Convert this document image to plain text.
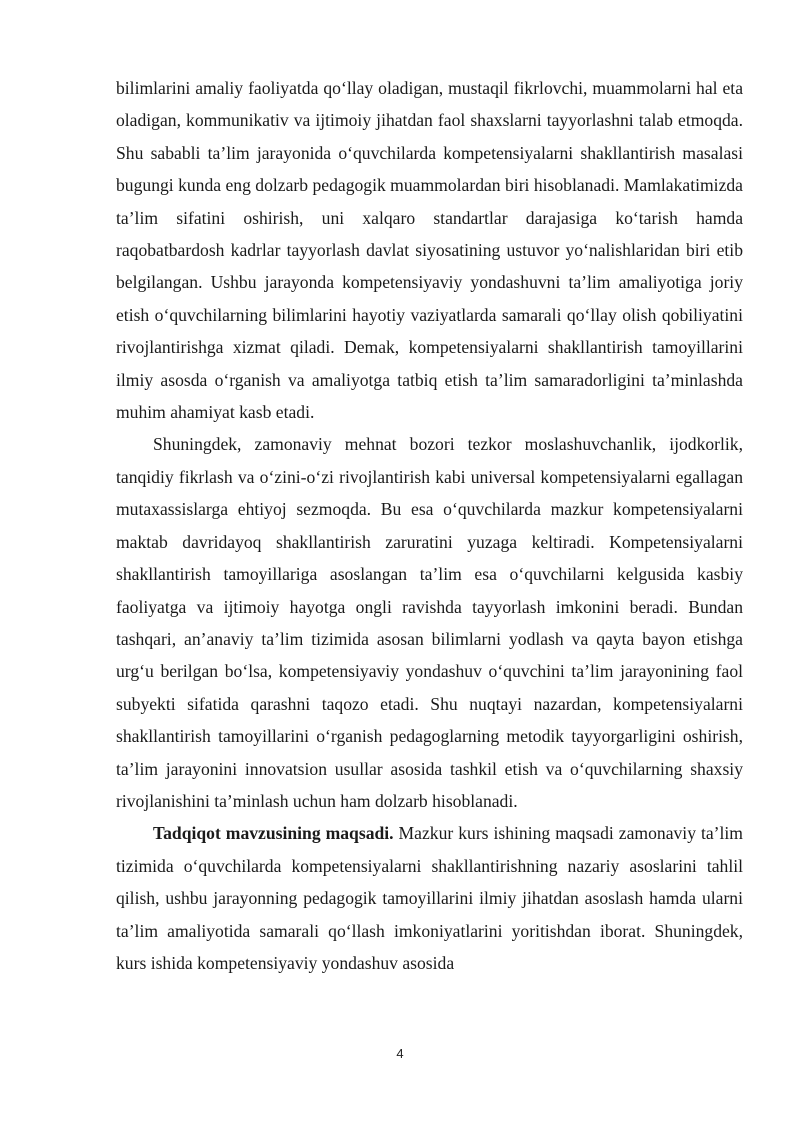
bilimlarini amaliy faoliyatda qo‘llay oladigan, mustaqil fikrlovchi, muammolarni hal eta oladigan, kommunikativ va ijtimoiy jihatdan faol shaxslarni tayyorlashni talab etmoqda. Shu sababli ta’lim jarayonida o‘quvchilarda kompetensiyalarni shakllantirish masalasi bugungi kunda eng dolzarb pedagogik muammolardan biri hisoblanadi. Mamlakatimizda ta’lim sifatini oshirish, uni xalqaro standartlar darajasiga ko‘tarish hamda raqobatbardosh kadrlar tayyorlash davlat siyosatining ustuvor yo‘nalishlaridan biri etib belgilangan. Ushbu jarayonda kompetensiyaviy yondashuvni ta’lim amaliyotiga joriy etish o‘quvchilarning bilimlarini hayotiy vaziyatlarda samarali qo‘llay olish qobiliyatini rivojlantirishga xizmat qiladi. Demak, kompetensiyalarni shakllantirish tamoyillarini ilmiy asosda o‘rganish va amaliyotga tatbiq etish ta’lim samaradorligini ta’minlashda muhim ahamiyat kasb etadi.

Shuningdek, zamonaviy mehnat bozori tezkor moslashuvchanlik, ijodkorlik, tanqidiy fikrlash va o‘zini-o‘zi rivojlantirish kabi universal kompetensiyalarni egallagan mutaxassislarga ehtiyoj sezmoqda. Bu esa o‘quvchilarda mazkur kompetensiyalarni maktab davridayoq shakllantirish zaruratini yuzaga keltiradi. Kompetensiyalarni shakllantirish tamoyillariga asoslangan ta’lim esa o‘quvchilarni kelgusida kasbiy faoliyatga va ijtimoiy hayotga ongli ravishda tayyorlash imkonini beradi. Bundan tashqari, an’anaviy ta’lim tizimida asosan bilimlarni yodlash va qayta bayon etishga urg‘u berilgan bo‘lsa, kompetensiyaviy yondashuv o‘quvchini ta’lim jarayonining faol subyekti sifatida qarashni taqozo etadi. Shu nuqtayi nazardan, kompetensiyalarni shakllantirish tamoyillarini o‘rganish pedagoglarning metodik tayyorgarligini oshirish, ta’lim jarayonini innovatsion usullar asosida tashkil etish va o‘quvchilarning shaxsiy rivojlanishini ta’minlash uchun ham dolzarb hisoblanadi.

Tadqiqot mavzusining maqsadi. Mazkur kurs ishining maqsadi zamonaviy ta’lim tizimida o‘quvchilarda kompetensiyalarni shakllantirishning nazariy asoslarini tahlil qilish, ushbu jarayonning pedagogik tamoyillarini ilmiy jihatdan asoslash hamda ularni ta’lim amaliyotida samarali qo‘llash imkoniyatlarini yoritishdan iborat. Shuningdek, kurs ishida kompetensiyaviy yondashuv asosida

4
